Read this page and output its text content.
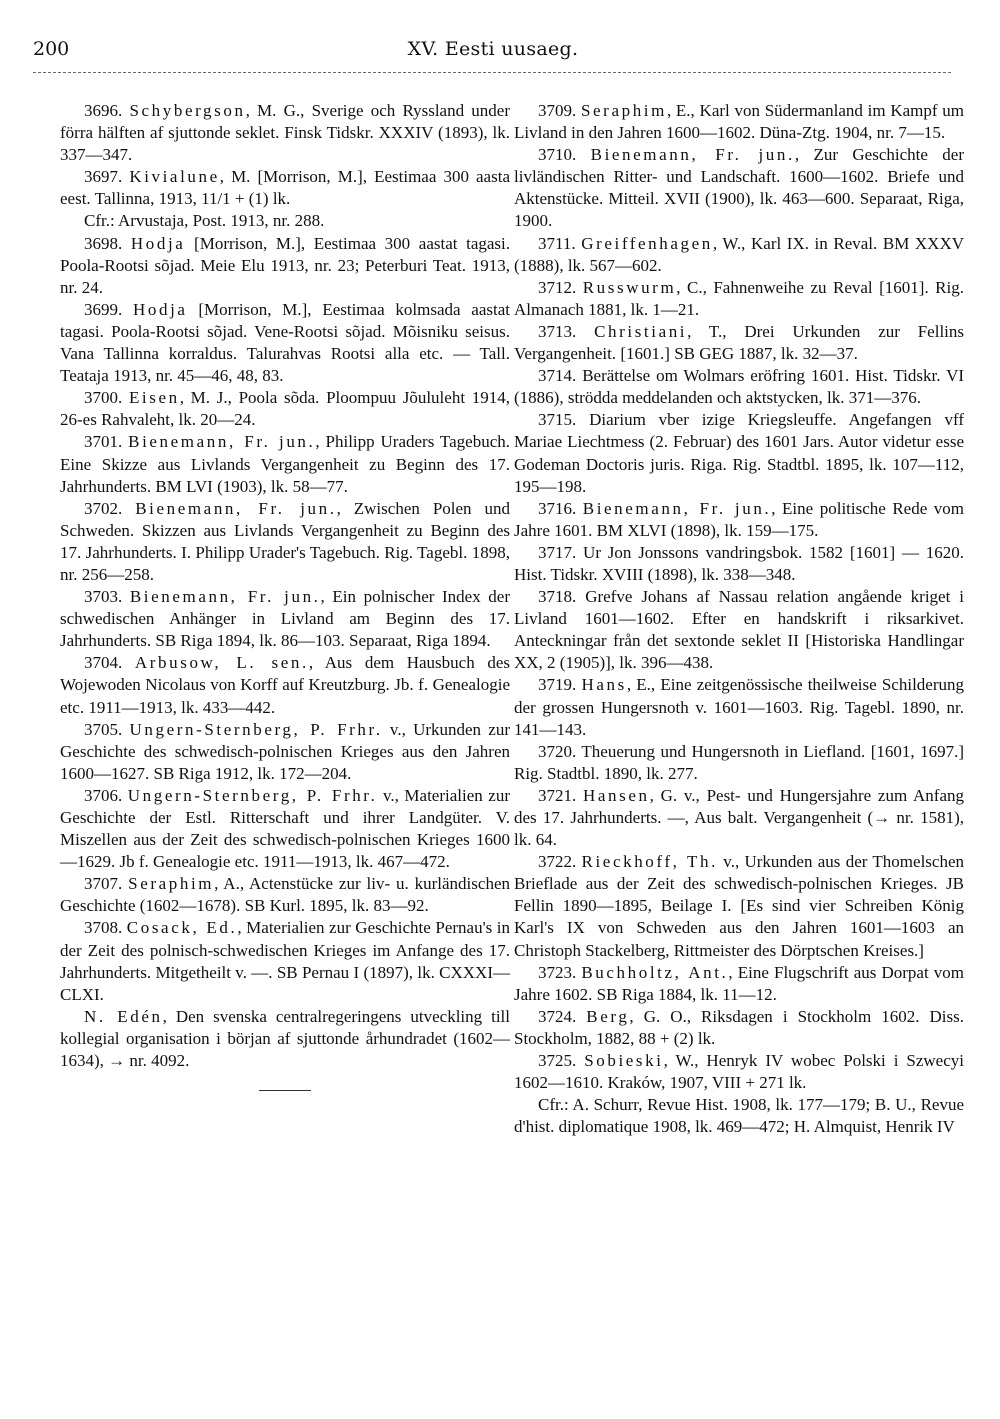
200	XV. Eesti uusaeg.

3696. Schybergson, M. G., Sverige och Ryssland under förra hälften af sjuttonde seklet. Finsk Tidskr. XXXIV (1893), lk. 337—347.

3697. Kivialune, M. [Morrison, M.], Eestimaa 300 aasta eest. Tallinna, 1913, 11/1 + (1) lk.

Cfr.: Arvustaja, Post. 1913, nr. 288.

3698. Hodja [Morrison, M.], Eestimaa 300 aastat tagasi. Poola-Rootsi sõjad. Meie Elu 1913, nr. 23; Peterburi Teat. 1913, nr. 24.

3699. Hodja [Morrison, M.], Eestimaa kolmsada aastat tagasi. Poola-Rootsi sõjad. Vene-Rootsi sõjad. Mõisniku seisus. Vana Tallinna korraldus. Talurahvas Rootsi alla etc. — Tall. Teataja 1913, nr. 45—46, 48, 83.

3700. Eisen, M. J., Poola sõda. Ploompuu Jõululeht 1914, 26-es Rahvaleht, lk. 20—24.

3701. Bienemann, Fr. jun., Philipp Uraders Tagebuch. Eine Skizze aus Livlands Vergangenheit zu Beginn des 17. Jahrhunderts. BM LVI (1903), lk. 58—77.

3702. Bienemann, Fr. jun., Zwischen Polen und Schweden. Skizzen aus Livlands Vergangenheit zu Beginn des 17. Jahrhunderts. I. Philipp Urader's Tagebuch. Rig. Tagebl. 1898, nr. 256—258.

3703. Bienemann, Fr. jun., Ein polnischer Index der schwedischen Anhänger in Livland am Beginn des 17. Jahrhunderts. SB Riga 1894, lk. 86—103. Separaat, Riga 1894.

3704. Arbusow, L. sen., Aus dem Hausbuch des Wojewoden Nicolaus von Korff auf Kreutzburg. Jb. f. Genealogie etc. 1911—1913, lk. 433—442.

3705. Ungern-Sternberg, P. Frhr. v., Urkunden zur Geschichte des schwedisch-polnischen Krieges aus den Jahren 1600—1627. SB Riga 1912, lk. 172—204.

3706. Ungern-Sternberg, P. Frhr. v., Materialien zur Geschichte der Estl. Ritterschaft und ihrer Landgüter. V. Miszellen aus der Zeit des schwedisch-polnischen Krieges 1600—1629. Jb f. Genealogie etc. 1911—1913, lk. 467—472.

3707. Seraphim, A., Actenstücke zur liv- u. kurländischen Geschichte (1602—1678). SB Kurl. 1895, lk. 83—92.

3708. Cosack, Ed., Materialien zur Geschichte Pernau's in der Zeit des polnisch-schwedischen Krieges im Anfange des 17. Jahrhunderts. Mitgetheilt v. —. SB Pernau I (1897), lk. CXXXI—CLXI.

N. Edén, Den svenska centralregeringens utveckling till kollegial organisation i början af sjuttonde århundradet (1602—1634), → nr. 4092.

3709. Seraphim, E., Karl von Südermanland im Kampf um Livland in den Jahren 1600—1602. Düna-Ztg. 1904, nr. 7—15.

3710. Bienemann, Fr. jun., Zur Geschichte der livländischen Ritter- und Landschaft. 1600—1602. Briefe und Aktenstücke. Mitteil. XVII (1900), lk. 463—600. Separaat, Riga, 1900.

3711. Greiffenhagen, W., Karl IX. in Reval. BM XXXV (1888), lk. 567—602.

3712. Russwurm, C., Fahnenweihe zu Reval [1601]. Rig. Almanach 1881, lk. 1—21.

3713. Christiani, T., Drei Urkunden zur Fellins Vergangenheit. [1601.] SB GEG 1887, lk. 32—37.

3714. Berättelse om Wolmars eröfring 1601. Hist. Tidskr. VI (1886), strödda meddelanden och aktstycken, lk. 371—376.

3715. Diarium vber izige Kriegsleuffe. Angefangen vff Mariae Liechtmess (2. Februar) des 1601 Jars. Autor videtur esse Godeman Doctoris juris. Riga. Rig. Stadtbl. 1895, lk. 107—112, 195—198.

3716. Bienemann, Fr. jun., Eine politische Rede vom Jahre 1601. BM XLVI (1898), lk. 159—175.

3717. Ur Jon Jonssons vandringsbok. 1582 [1601] — 1620. Hist. Tidskr. XVIII (1898), lk. 338—348.

3718. Grefve Johans af Nassau relation angående kriget i Livland 1601—1602. Efter en handskrift i riksarkivet. Anteckningar från det sextonde seklet II [Historiska Handlingar XX, 2 (1905)], lk. 396—438.

3719. Hans, E., Eine zeitgenössische theilweise Schilderung der grossen Hungersnoth v. 1601—1603. Rig. Tagebl. 1890, nr. 141—143.

3720. Theuerung und Hungersnoth in Liefland. [1601, 1697.] Rig. Stadtbl. 1890, lk. 277.

3721. Hansen, G. v., Pest- und Hungersjahre zum Anfang des 17. Jahrhunderts. —, Aus balt. Vergangenheit (→ nr. 1581), lk. 64.

3722. Rieckhoff, Th. v., Urkunden aus der Thomelschen Brieflade aus der Zeit des schwedisch-polnischen Krieges. JB Fellin 1890—1895, Beilage I. [Es sind vier Schreiben König Karl's IX von Schweden aus den Jahren 1601—1603 an Christoph Stackelberg, Rittmeister des Dörptschen Kreises.]

3723. Buchholtz, Ant., Eine Flugschrift aus Dorpat vom Jahre 1602. SB Riga 1884, lk. 11—12.

3724. Berg, G. O., Riksdagen i Stockholm 1602. Diss. Stockholm, 1882, 88 + (2) lk.

3725. Sobieski, W., Henryk IV wobec Polski i Szwecyi 1602—1610. Kraków, 1907, VIII + 271 lk.

Cfr.: A. Schurr, Revue Hist. 1908, lk. 177—179; B. U., Revue d'hist. diplomatique 1908, lk. 469—472; H. Almquist, Henrik IV
